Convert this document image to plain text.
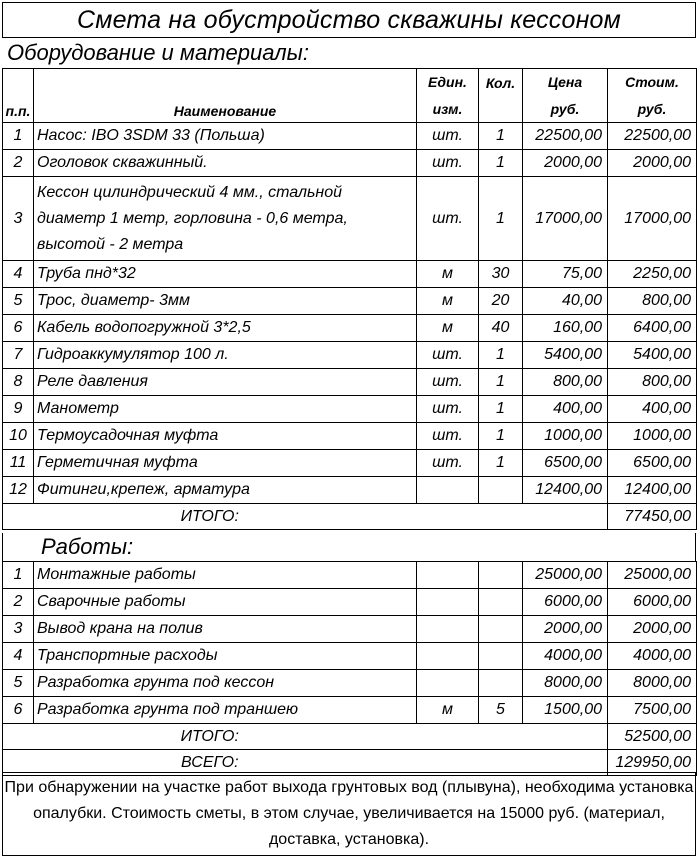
Смета на обустройство скважины кессоном
Оборудование и материалы:
		Един.	Кол.	Цена	Стоим.
п.п.	Наименование	изм.		руб.	руб.
1	Насос: IBO 3SDM 33 (Польша)	шт.	1	22500,00	22500,00
2	Оголовок скважинный.	шт.	1	2000,00	2000,00
3	Кессон цилиндрический 4 мм., стальной диаметр 1 метр, горловина - 0,6 метра, высотой - 2 метра	шт.	1	17000,00	17000,00
4	Труба пнд*32	м	30	75,00	2250,00
5	Трос, диаметр- 3мм	м	20	40,00	800,00
6	Кабель водопогружной 3*2,5	м	40	160,00	6400,00
7	Гидроаккумулятор 100 л.	шт.	1	5400,00	5400,00
8	Реле давления	шт.	1	800,00	800,00
9	Манометр	шт.	1	400,00	400,00
10	Термоусадочная муфта	шт.	1	1000,00	1000,00
11	Герметичная муфта	шт.	1	6500,00	6500,00
12	Фитинги,крепеж, арматура			12400,00	12400,00
ИТОГО:					77450,00
Работы:
1	Монтажные работы			25000,00	25000,00
2	Сварочные работы			6000,00	6000,00
3	Вывод крана на полив			2000,00	2000,00
4	Транспортные расходы			4000,00	4000,00
5	Разработка грунта под кессон			8000,00	8000,00
6	Разработка грунта под траншею	м	5	1500,00	7500,00
ИТОГО:					52500,00
ВСЕГО:					129950,00
При обнаружении на участке работ выхода грунтовых вод (плывуна), необходима установка опалубки. Стоимость сметы, в этом случае, увеличивается на 15000 руб. (материал, доставка, установка).
